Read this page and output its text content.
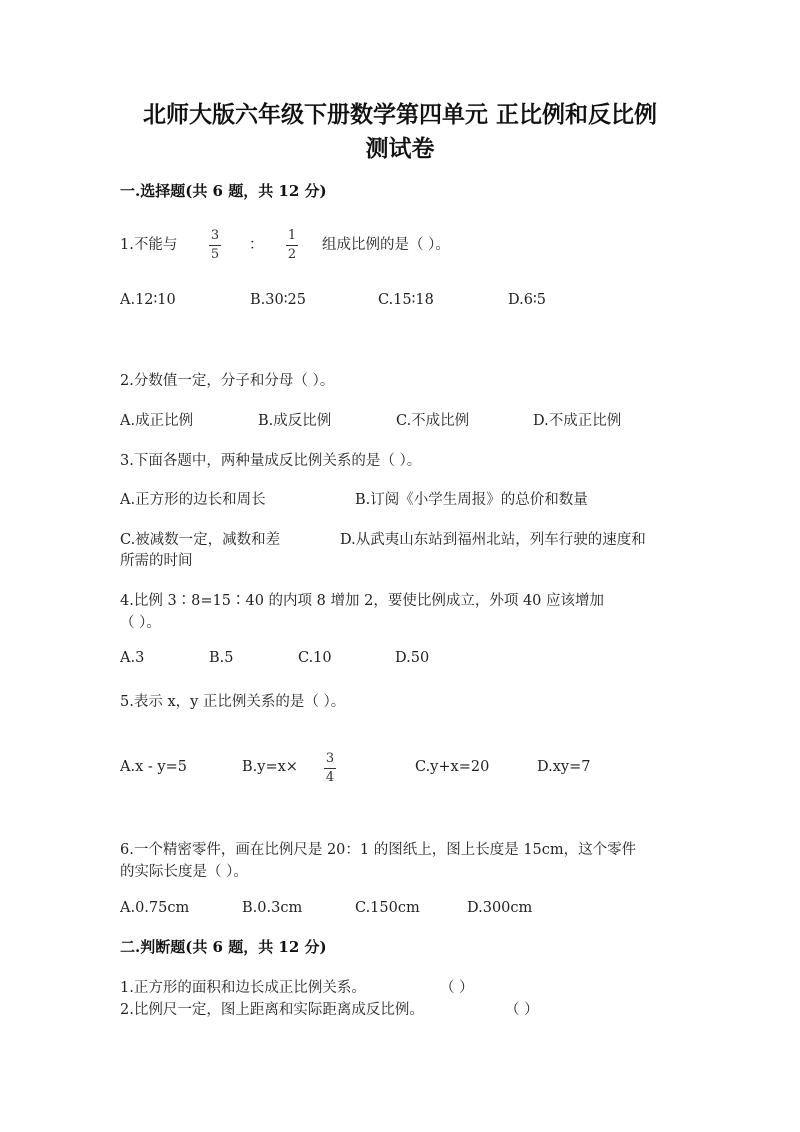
北师大版六年级下册数学第四单元 正比例和反比例
测试卷
一.选择题(共 6 题，共 12 分)
1.不能与
3
5
：
1
2
组成比例的是（ ）。
A.12∶10	B.30∶25	C.15∶18	D.6∶5
2.分数值一定，分子和分母（ ）。
A.成正比例	B.成反比例	C.不成比例	D.不成正比例
3.下面各题中，两种量成反比例关系的是（ ）。
A.正方形的边长和周长	B.订阅《小学生周报》的总价和数量
C.被减数一定，减数和差	D.从武夷山东站到福州北站，列车行驶的速度和
所需的时间
4.比例 3∶8=15∶40 的内项 8 增加 2，要使比例成立，外项 40 应该增加
（ ）。
A.3	B.5	C.10	D.50
5.表示 x，y 正比例关系的是（ ）。
A.x - y=5	B.y=x×
3
4
C.y+x=20	D.xy=7
6.一个精密零件，画在比例尺是 20：1 的图纸上，图上长度是 15cm，这个零件
的实际长度是（ ）。
A.0.75cm	B.0.3cm	C.150cm	D.300cm
二.判断题(共 6 题，共 12 分)
1.正方形的面积和边长成正比例关系。	（ ）
2.比例尺一定，图上距离和实际距离成反比例。	（ ）
